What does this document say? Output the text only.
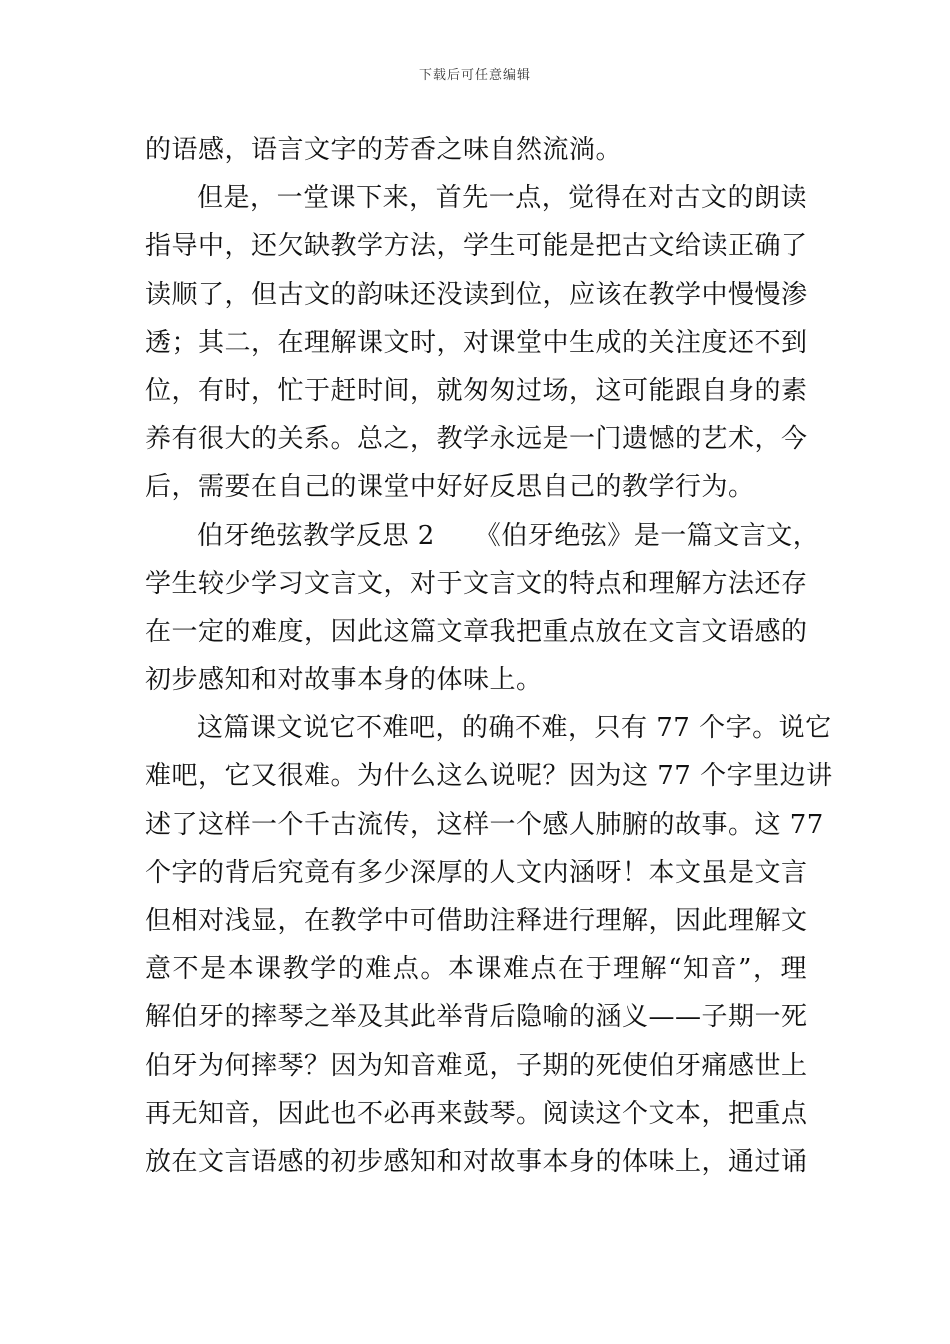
下载后可任意编辑
的语感，语言文字的芳香之味自然流淌。
但是，一堂课下来，首先一点，觉得在对古文的朗读
指导中，还欠缺教学方法，学生可能是把古文给读正确了
读顺了，但古文的韵味还没读到位，应该在教学中慢慢渗
透；其二，在理解课文时，对课堂中生成的关注度还不到
位，有时，忙于赶时间，就匆匆过场，这可能跟自身的素
养有很大的关系。总之，教学永远是一门遗憾的艺术，今
后，需要在自己的课堂中好好反思自己的教学行为。
伯牙绝弦教学反思 2　　《伯牙绝弦》是一篇文言文，
学生较少学习文言文，对于文言文的特点和理解方法还存
在一定的难度，因此这篇文章我把重点放在文言文语感的
初步感知和对故事本身的体味上。
这篇课文说它不难吧，的确不难，只有 77 个字。说它
难吧，它又很难。为什么这么说呢？因为这 77 个字里边讲
述了这样一个千古流传，这样一个感人肺腑的故事。这 77
个字的背后究竟有多少深厚的人文内涵呀！本文虽是文言
但相对浅显，在教学中可借助注释进行理解，因此理解文
意不是本课教学的难点。本课难点在于理解“知音”，理
解伯牙的摔琴之举及其此举背后隐喻的涵义——子期一死
伯牙为何摔琴？因为知音难觅，子期的死使伯牙痛感世上
再无知音，因此也不必再来鼓琴。阅读这个文本，把重点
放在文言语感的初步感知和对故事本身的体味上，通过诵
